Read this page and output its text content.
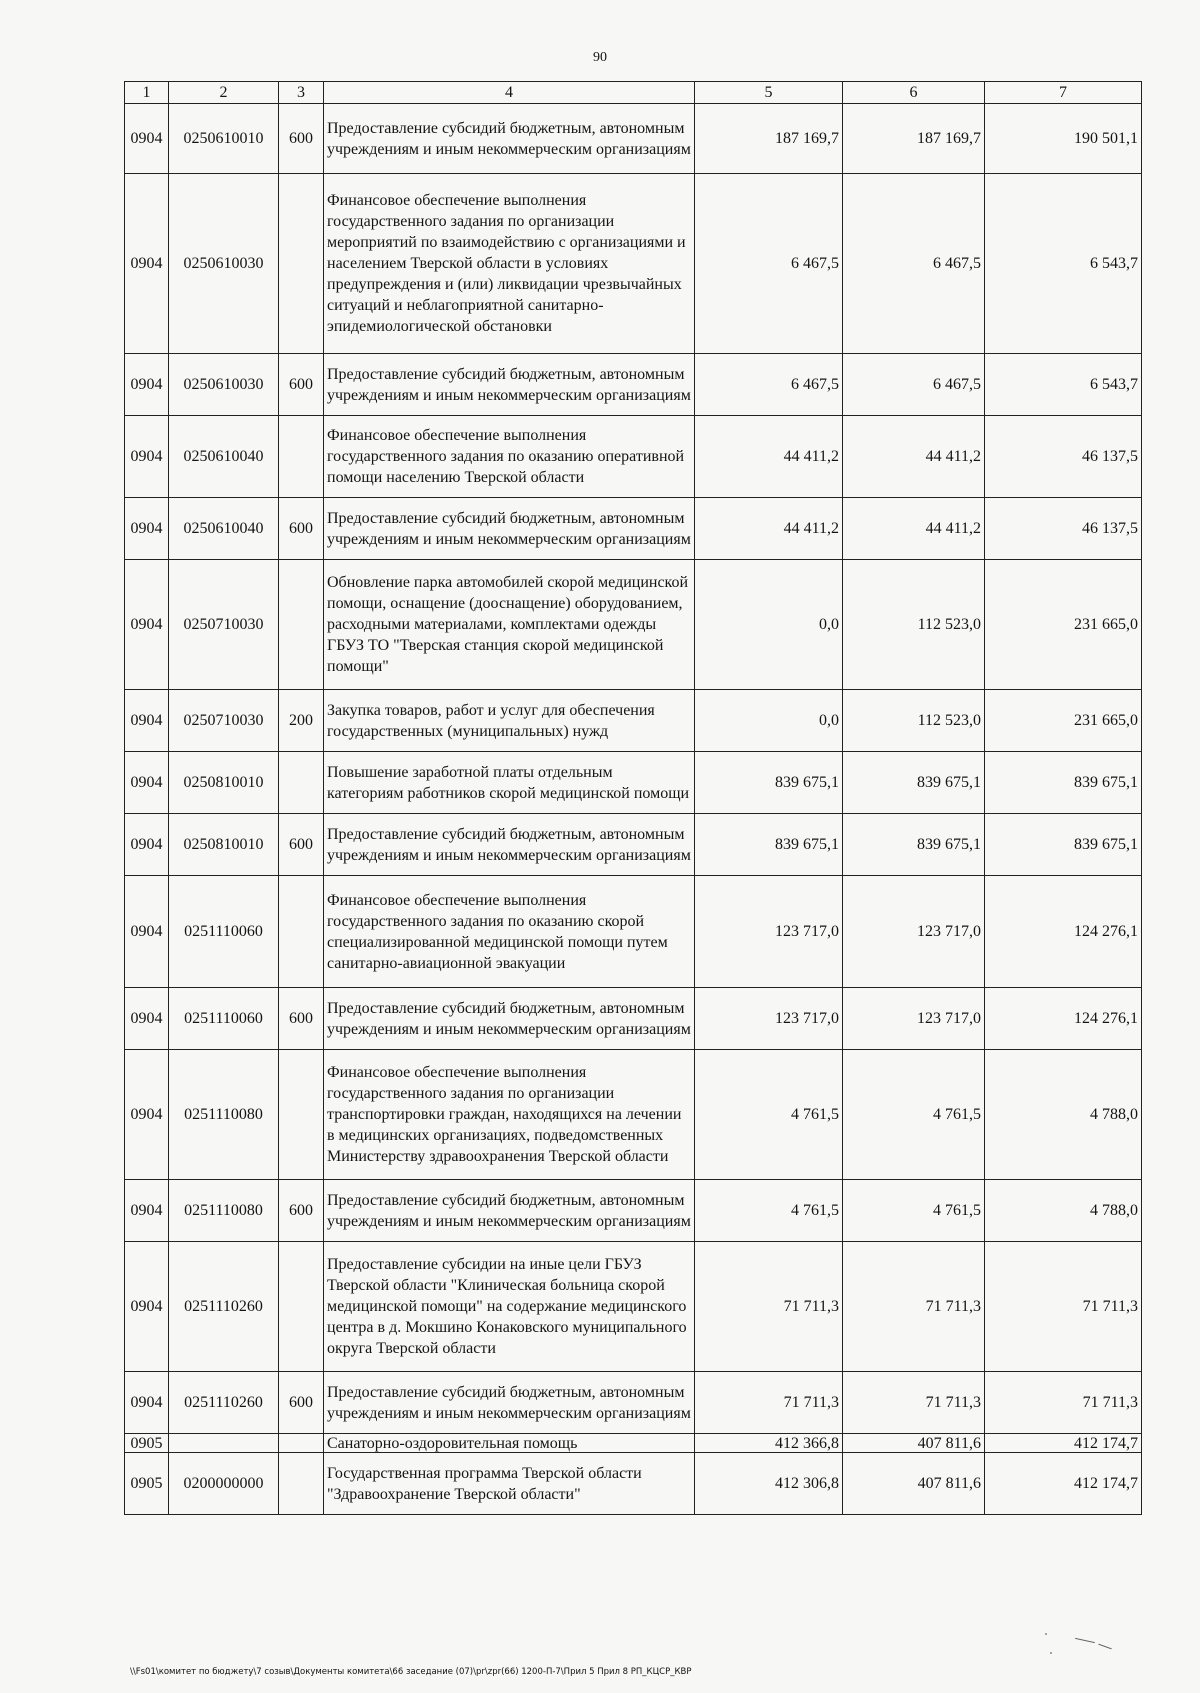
90
1	2	3	4	5	6	7
0904	0250610010	600	Предоставление субсидий бюджетным, автономным учреждениям и иным некоммерческим организациям	187 169,7	187 169,7	190 501,1
0904	0250610030		Финансовое обеспечение выполнения государственного задания по организации мероприятий по взаимодействию с организациями и населением Тверской области в условиях предупреждения и (или) ликвидации чрезвычайных ситуаций и неблагоприятной санитарно-эпидемиологической обстановки	6 467,5	6 467,5	6 543,7
0904	0250610030	600	Предоставление субсидий бюджетным, автономным учреждениям и иным некоммерческим организациям	6 467,5	6 467,5	6 543,7
0904	0250610040		Финансовое обеспечение выполнения государственного задания по оказанию оперативной помощи населению Тверской области	44 411,2	44 411,2	46 137,5
0904	0250610040	600	Предоставление субсидий бюджетным, автономным учреждениям и иным некоммерческим организациям	44 411,2	44 411,2	46 137,5
0904	0250710030		Обновление парка автомобилей скорой медицинской помощи, оснащение (дооснащение) оборудованием, расходными материалами, комплектами одежды ГБУЗ ТО "Тверская станция скорой медицинской помощи"	0,0	112 523,0	231 665,0
0904	0250710030	200	Закупка товаров, работ и услуг для обеспечения государственных (муниципальных) нужд	0,0	112 523,0	231 665,0
0904	0250810010		Повышение заработной платы отдельным категориям работников скорой медицинской помощи	839 675,1	839 675,1	839 675,1
0904	0250810010	600	Предоставление субсидий бюджетным, автономным учреждениям и иным некоммерческим организациям	839 675,1	839 675,1	839 675,1
0904	0251110060		Финансовое обеспечение выполнения государственного задания по оказанию скорой специализированной медицинской помощи путем санитарно-авиационной эвакуации	123 717,0	123 717,0	124 276,1
0904	0251110060	600	Предоставление субсидий бюджетным, автономным учреждениям и иным некоммерческим организациям	123 717,0	123 717,0	124 276,1
0904	0251110080		Финансовое обеспечение выполнения государственного задания по организации транспортировки граждан, находящихся на лечении в медицинских организациях, подведомственных Министерству здравоохранения Тверской области	4 761,5	4 761,5	4 788,0
0904	0251110080	600	Предоставление субсидий бюджетным, автономным учреждениям и иным некоммерческим организациям	4 761,5	4 761,5	4 788,0
0904	0251110260		Предоставление субсидии на иные цели ГБУЗ Тверской области "Клиническая больница скорой медицинской помощи" на содержание медицинского центра в д. Мокшино Конаковского муниципального округа Тверской области	71 711,3	71 711,3	71 711,3
0904	0251110260	600	Предоставление субсидий бюджетным, автономным учреждениям и иным некоммерческим организациям	71 711,3	71 711,3	71 711,3
0905			Санаторно-оздоровительная помощь	412 366,8	407 811,6	412 174,7
0905	0200000000		Государственная программа Тверской области "Здравоохранение Тверской области"	412 306,8	407 811,6	412 174,7
\\Fs01\комитет по бюджету\7 созыв\Документы комитета\66 заседание (07)\pr\zpr(66) 1200-П-7\Прил 5 Прил 8 РП_КЦСР_КВР
